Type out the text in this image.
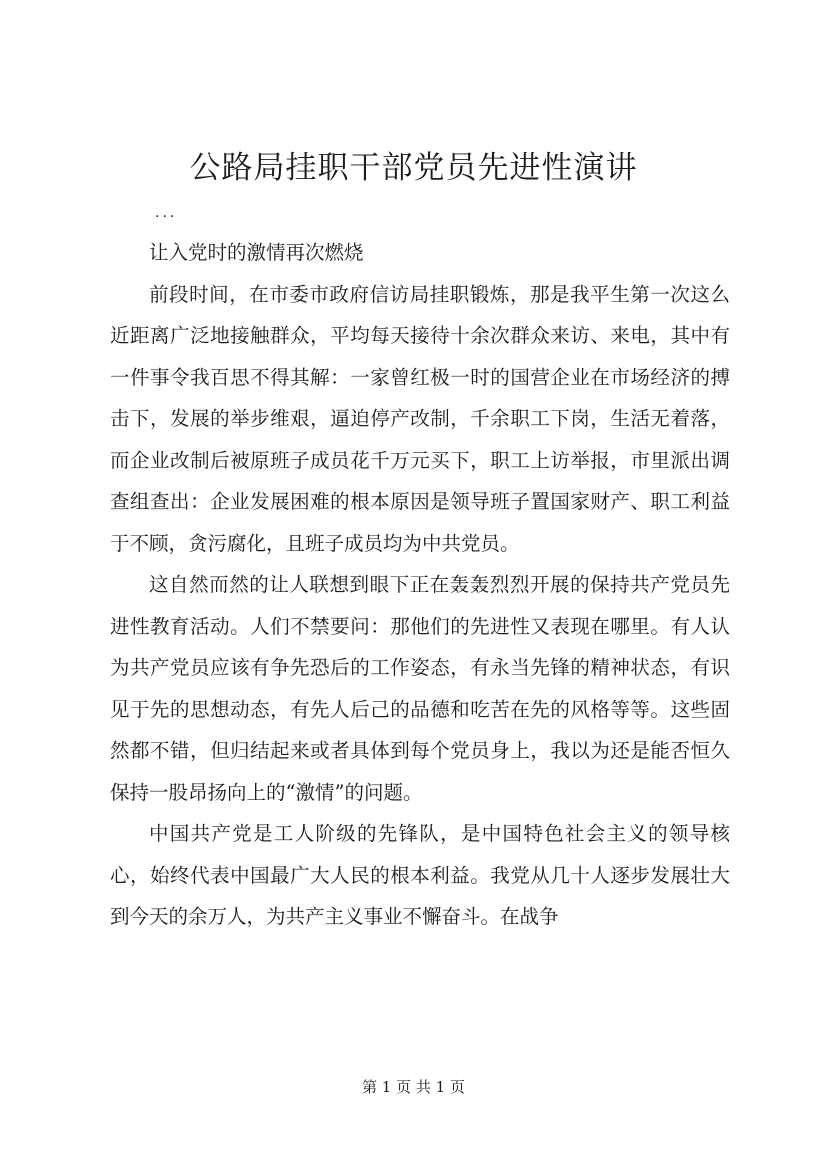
公路局挂职干部党员先进性演讲
...

让入党时的激情再次燃烧

前段时间，在市委市政府信访局挂职锻炼，那是我平生第一次这么近距离广泛地接触群众，平均每天接待十余次群众来访、来电，其中有一件事令我百思不得其解：一家曾红极一时的国营企业在市场经济的搏击下，发展的举步维艰，逼迫停产改制，千余职工下岗，生活无着落，而企业改制后被原班子成员花千万元买下，职工上访举报，市里派出调查组查出：企业发展困难的根本原因是领导班子置国家财产、职工利益于不顾，贪污腐化，且班子成员均为中共党员。

这自然而然的让人联想到眼下正在轰轰烈烈开展的保持共产党员先进性教育活动。人们不禁要问：那他们的先进性又表现在哪里。有人认为共产党员应该有争先恐后的工作姿态，有永当先锋的精神状态，有识见于先的思想动态，有先人后己的品德和吃苦在先的风格等等。这些固然都不错，但归结起来或者具体到每个党员身上，我以为还是能否恒久保持一股昂扬向上的“激情”的问题。

中国共产党是工人阶级的先锋队，是中国特色社会主义的领导核心，始终代表中国最广大人民的根本利益。我党从几十人逐步发展壮大到今天的余万人，为共产主义事业不懈奋斗。在战争

第 1 页 共 1 页
